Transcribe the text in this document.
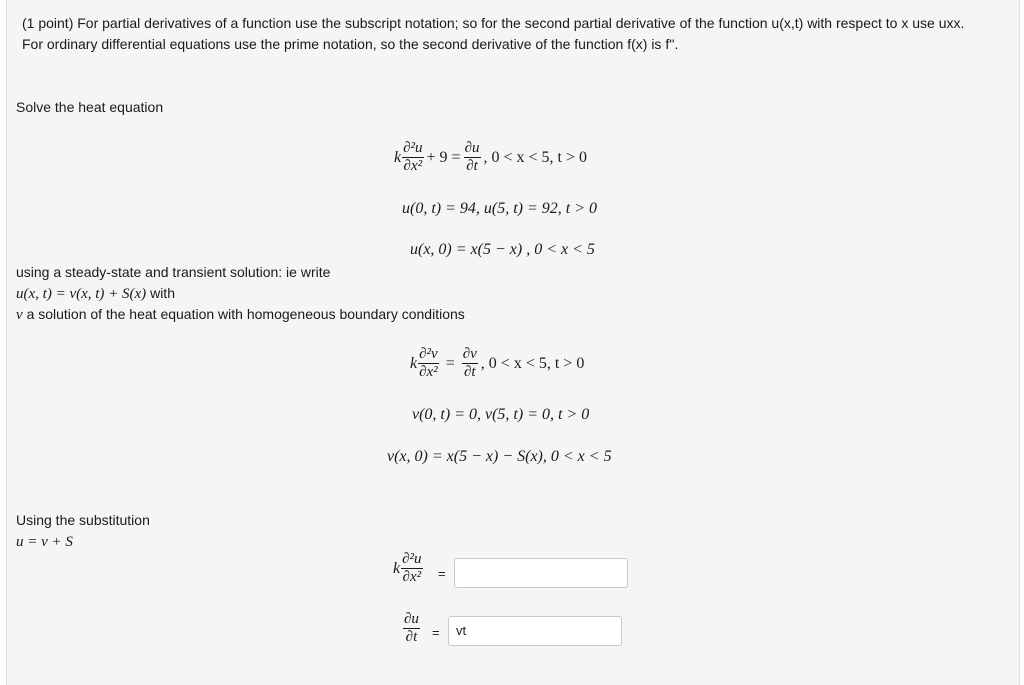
(1 point) For partial derivatives of a function use the subscript notation; so for the second partial derivative of the function u(x,t) with respect to x use uxx.
For ordinary differential equations use the prime notation, so the second derivative of the function f(x) is f''.
Solve the heat equation
k $\frac{\text{∂²u}}{\text{∂x²}} + 9 = \frac{\partial u}{\partial t}$ , 0 < x < 5, t > 0
u(0, t) = 94, u(5, t) = 92, t > 0
u(x, 0) = x(5 − x) , 0 < x < 5
using a steady-state and transient solution: ie write
u(x, t) = v(x, t) + S(x) with
v a solution of the heat equation with homogeneous boundary conditions
k $\frac{\text{∂²v}}{\text{∂x²}} = \frac{\partial v}{\partial t}$ , 0 < x < 5, t > 0
v(0, t) = 0, v(5, t) = 0, t > 0
v(x, 0) = x(5 − x) − S(x), 0 < x < 5
Using the substitution
u = v + S
k $\frac{\text{∂²u}}{\text{∂x²}}$ =
$\frac{\partial u}{\partial t}$ =	vt
